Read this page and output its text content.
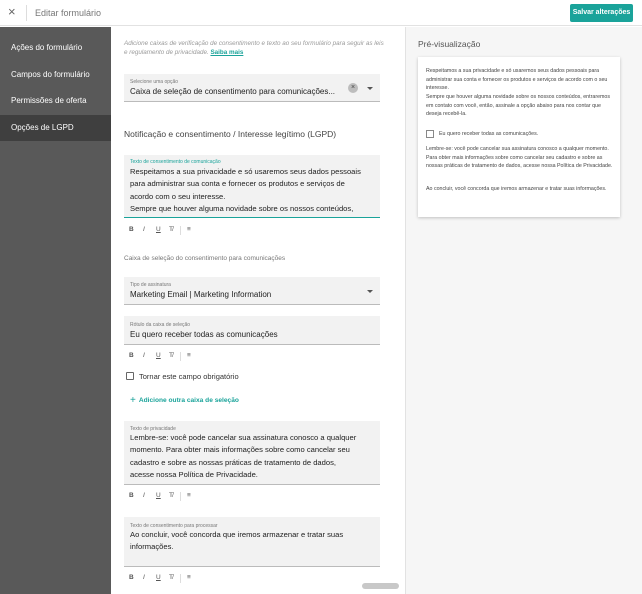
× Editar formulário	Salvar alterações
Ações do formulário
Campos do formulário
Permissões de oferta
Opções de LGPD
Adicione caixas de verificação de consentimento e texto ao seu formulário para seguir as leis e regulamento de privacidade. Saiba mais
Selecione uma opção
Caixa de seleção de consentimento para comunicações...	×
Notificação e consentimento / Interesse legítimo (LGPD)
Texto de consentimento de comunicação
Respeitamos a sua privacidade e só usaremos seus dados pessoais
para administrar sua conta e fornecer os produtos e serviços de
acordo com o seu interesse.
Sempre que houver alguma novidade sobre os nossos conteúdos,
B I U T̸ ≡
Caixa de seleção do consentimento para comunicações
Tipo de assinatura
Marketing Email | Marketing Information
Rótulo da caixa de seleção
Eu quero receber todas as comunicações
B I U T̸ ≡
Tornar este campo obrigatório
+ Adicione outra caixa de seleção
Texto de privacidade
Lembre-se: você pode cancelar sua assinatura conosco a qualquer
momento. Para obter mais informações sobre como cancelar seu
cadastro e sobre as nossas práticas de tratamento de dados,
acesse nossa Política de Privacidade.
B I U T̸ ≡
Texto de consentimento para processar
Ao concluir, você concorda que iremos armazenar e tratar suas
informações.
B I U T̸ ≡
Pré-visualização
Respeitamos a sua privacidade e só usaremos seus dados pessoais para administrar sua conta e fornecer os produtos e serviços de acordo com o seu interesse.
Sempre que houver alguma novidade sobre os nossos conteúdos, entraremos em contato com você, então, assinale a opção abaixo para nos contar que deseja recebê-la.
Eu quero receber todas as comunicações.
Lembre-se: você pode cancelar sua assinatura conosco a qualquer momento. Para obter mais informações sobre como cancelar seu cadastro e sobre as nossas práticas de tratamento de dados, acesse nossa Política de Privacidade.
Ao concluir, você concorda que iremos armazenar e tratar suas informações.
